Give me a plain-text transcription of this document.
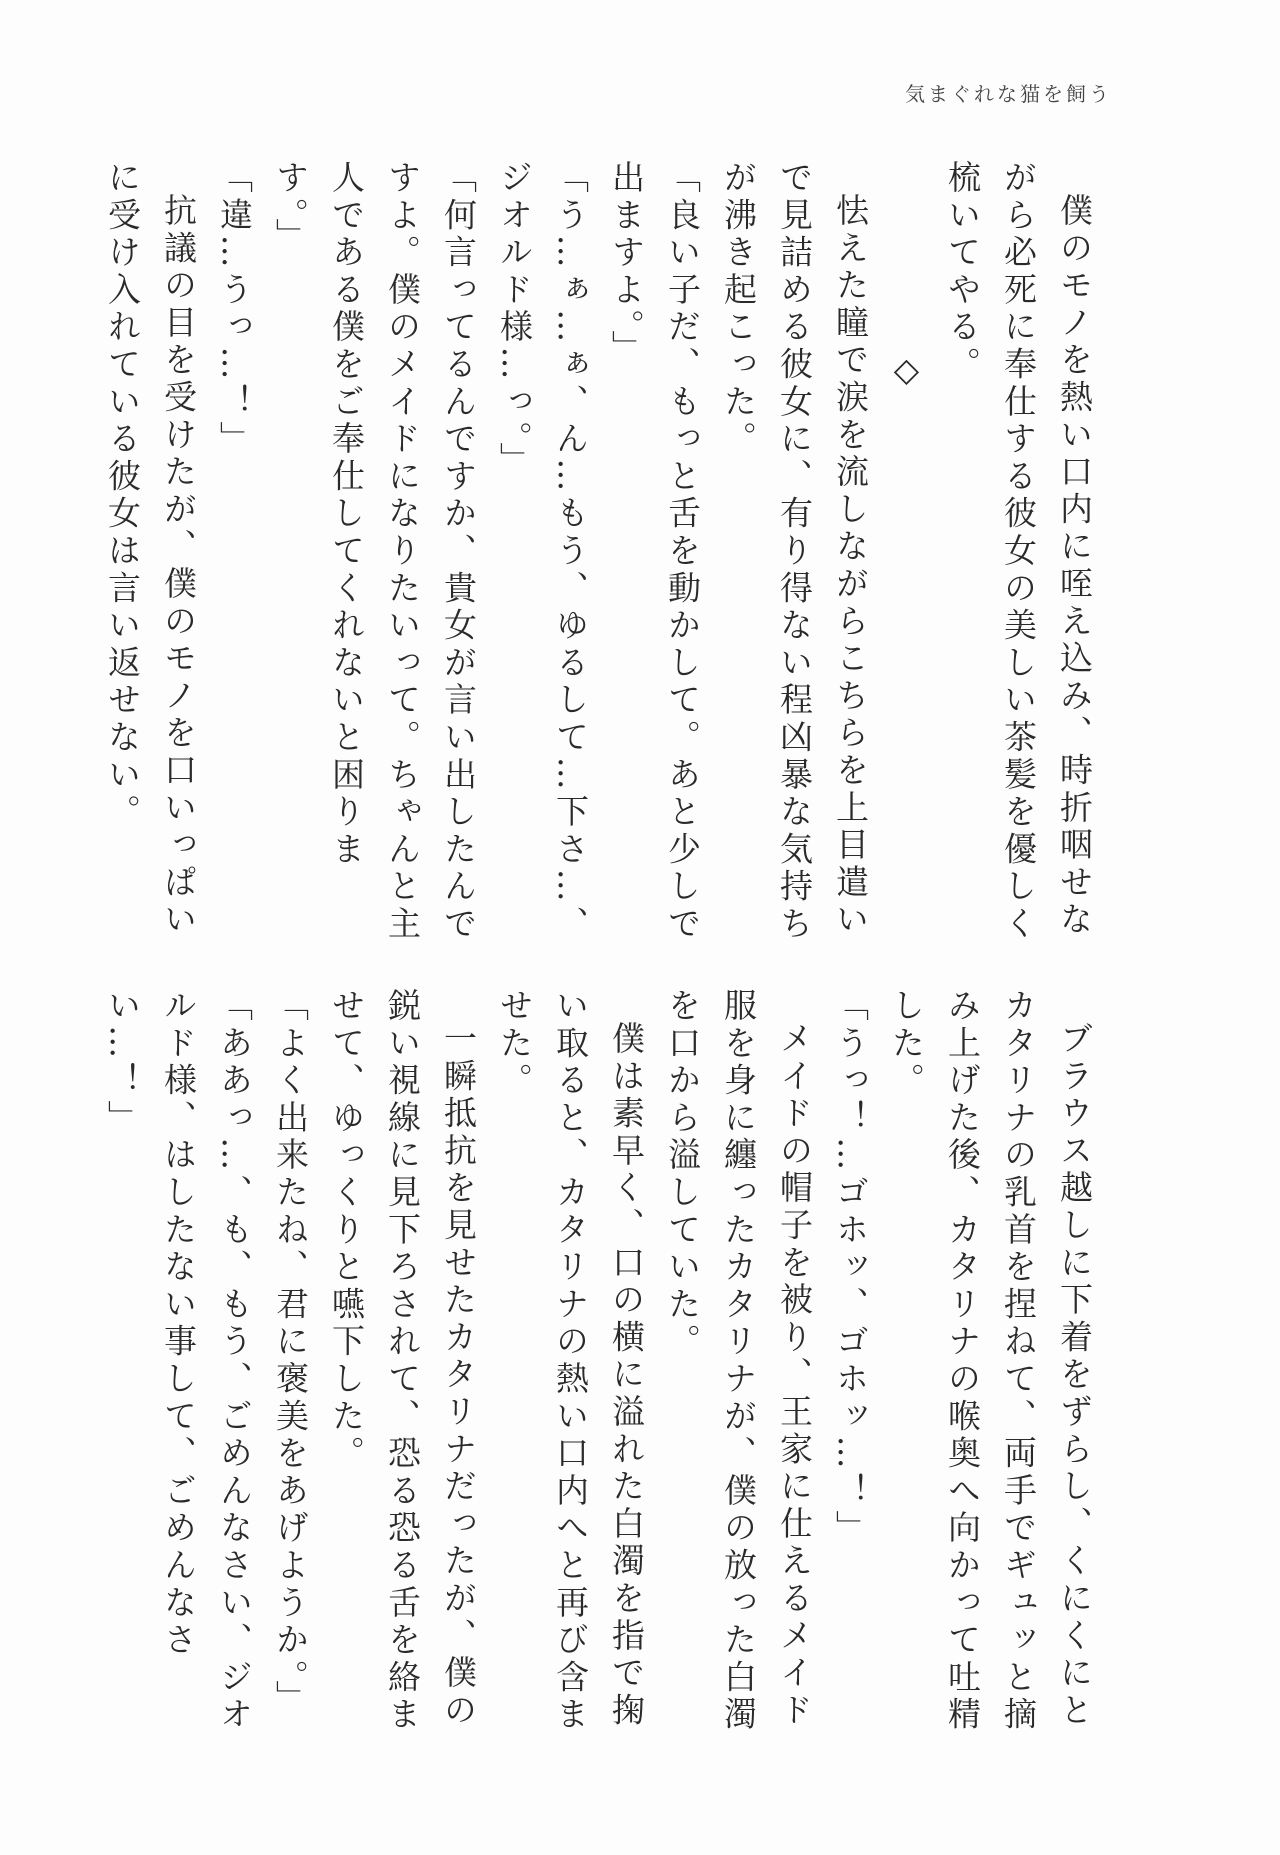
気まぐれな猫を飼う

僕のモノを熱い口内に咥え込み、時折咽せながら必死に奉仕する彼女の美しい茶髪を優しく梳いてやる。

◇

怯えた瞳で涙を流しながらこちらを上目遣いで見詰める彼女に、有り得ない程凶暴な気持ちが沸き起こった。

「良い子だ、もっと舌を動かして。あと少しで出ますよ。」

「う…ぁ…ぁ、ん…もう、ゆるして…下さ…、ジオルド様…っ。」

「何言ってるんですか、貴女が言い出したんですよ。僕のメイドになりたいって。ちゃんと主人である僕をご奉仕してくれないと困ります。」

「違…うっ…！」

抗議の目を受けたが、僕のモノを口いっぱいに受け入れている彼女は言い返せない。

ブラウス越しに下着をずらし、くにくにとカタリナの乳首を捏ねて、両手でギュッと摘み上げた後、カタリナの喉奥へ向かって吐精した。

「うっ！…ゴホッ、ゴホッ…！」

メイドの帽子を被り、王家に仕えるメイド服を身に纏ったカタリナが、僕の放った白濁を口から溢していた。

僕は素早く、口の横に溢れた白濁を指で掬い取ると、カタリナの熱い口内へと再び含ませた。

一瞬抵抗を見せたカタリナだったが、僕の鋭い視線に見下ろされて、恐る恐る舌を絡ませて、ゆっくりと嚥下した。

「よく出来たね、君に褒美をあげようか。」

「ああっ…、も、もう、ごめんなさい、ジオルド様、はしたない事して、ごめんなさい…！」
